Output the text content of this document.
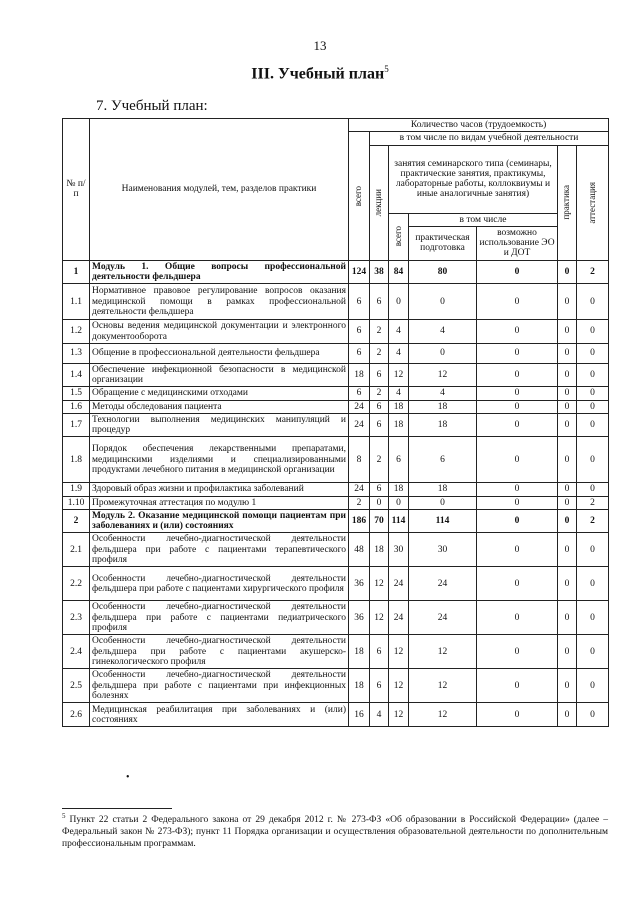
13
III. Учебный план$^5$
7. Учебный план:
№ п/п	Наименования модулей, тем, разделов практики	Количество часов (трудоемкость)						

		всего	в том числе по видам учебной деятельности					

			лекции	занятия семинарского типа (семинары, практические занятия, практикумы, лабораторные работы, коллоквиумы и иные аналогичные занятия)			практика	аттестация

				всего	в том числе			
					практическая подготовка	возможно использование ЭО и ДОТ		
1	Модуль 1. Общие вопросы профессиональной деятельности фельдшера	124	38	84	80	0	0	2
1.1	Нормативное правовое регулирование вопросов оказания медицинской помощи в рамках профессиональной деятельности фельдшера	6	6	0	0	0	0	0
1.2	Основы ведения медицинской документации и электронного документооборота	6	2	4	4	0	0	0
1.3	Общение в профессиональной деятельности фельдшера	6	2	4	0	0	0	0
1.4	Обеспечение инфекционной безопасности в медицинской организации	18	6	12	12	0	0	0
1.5	Обращение с медицинскими отходами	6	2	4	4	0	0	0
1.6	Методы обследования пациента	24	6	18	18	0	0	0
1.7	Технологии выполнения медицинских манипуляций и процедур	24	6	18	18	0	0	0
1.8	Порядок обеспечения лекарственными препаратами, медицинскими изделиями и специализированными продуктами лечебного питания в медицинской организации	8	2	6	6	0	0	0
1.9	Здоровый образ жизни и профилактика заболеваний	24	6	18	18	0	0	0
1.10	Промежуточная аттестация по модулю 1	2	0	0	0	0	0	2
2	Модуль 2. Оказание медицинской помощи пациентам при заболеваниях и (или) состояниях	186	70	114	114	0	0	2
2.1	Особенности лечебно-диагностической деятельности фельдшера при работе с пациентами терапевтического профиля	48	18	30	30	0	0	0
2.2	Особенности лечебно-диагностической деятельности фельдшера при работе с пациентами хирургического профиля	36	12	24	24	0	0	0
2.3	Особенности лечебно-диагностической деятельности фельдшера при работе с пациентами педиатрического профиля	36	12	24	24	0	0	0
2.4	Особенности лечебно-диагностической деятельности фельдшера при работе с пациентами акушерско-гинекологического профиля	18	6	12	12	0	0	0
2.5	Особенности лечебно-диагностической деятельности фельдшера при работе с пациентами при инфекционных болезнях	18	6	12	12	0	0	0
2.6	Медицинская реабилитация при заболеваниях и (или) состояниях	16	4	12	12	0	0	0
•
$^5$ Пункт 22 статьи 2 Федерального закона от 29 декабря 2012 г. № 273-ФЗ «Об образовании в Российской Федерации» (далее – Федеральный закон № 273-ФЗ); пункт 11 Порядка организации и осуществления образовательной деятельности по дополнительным профессиональным программам.
